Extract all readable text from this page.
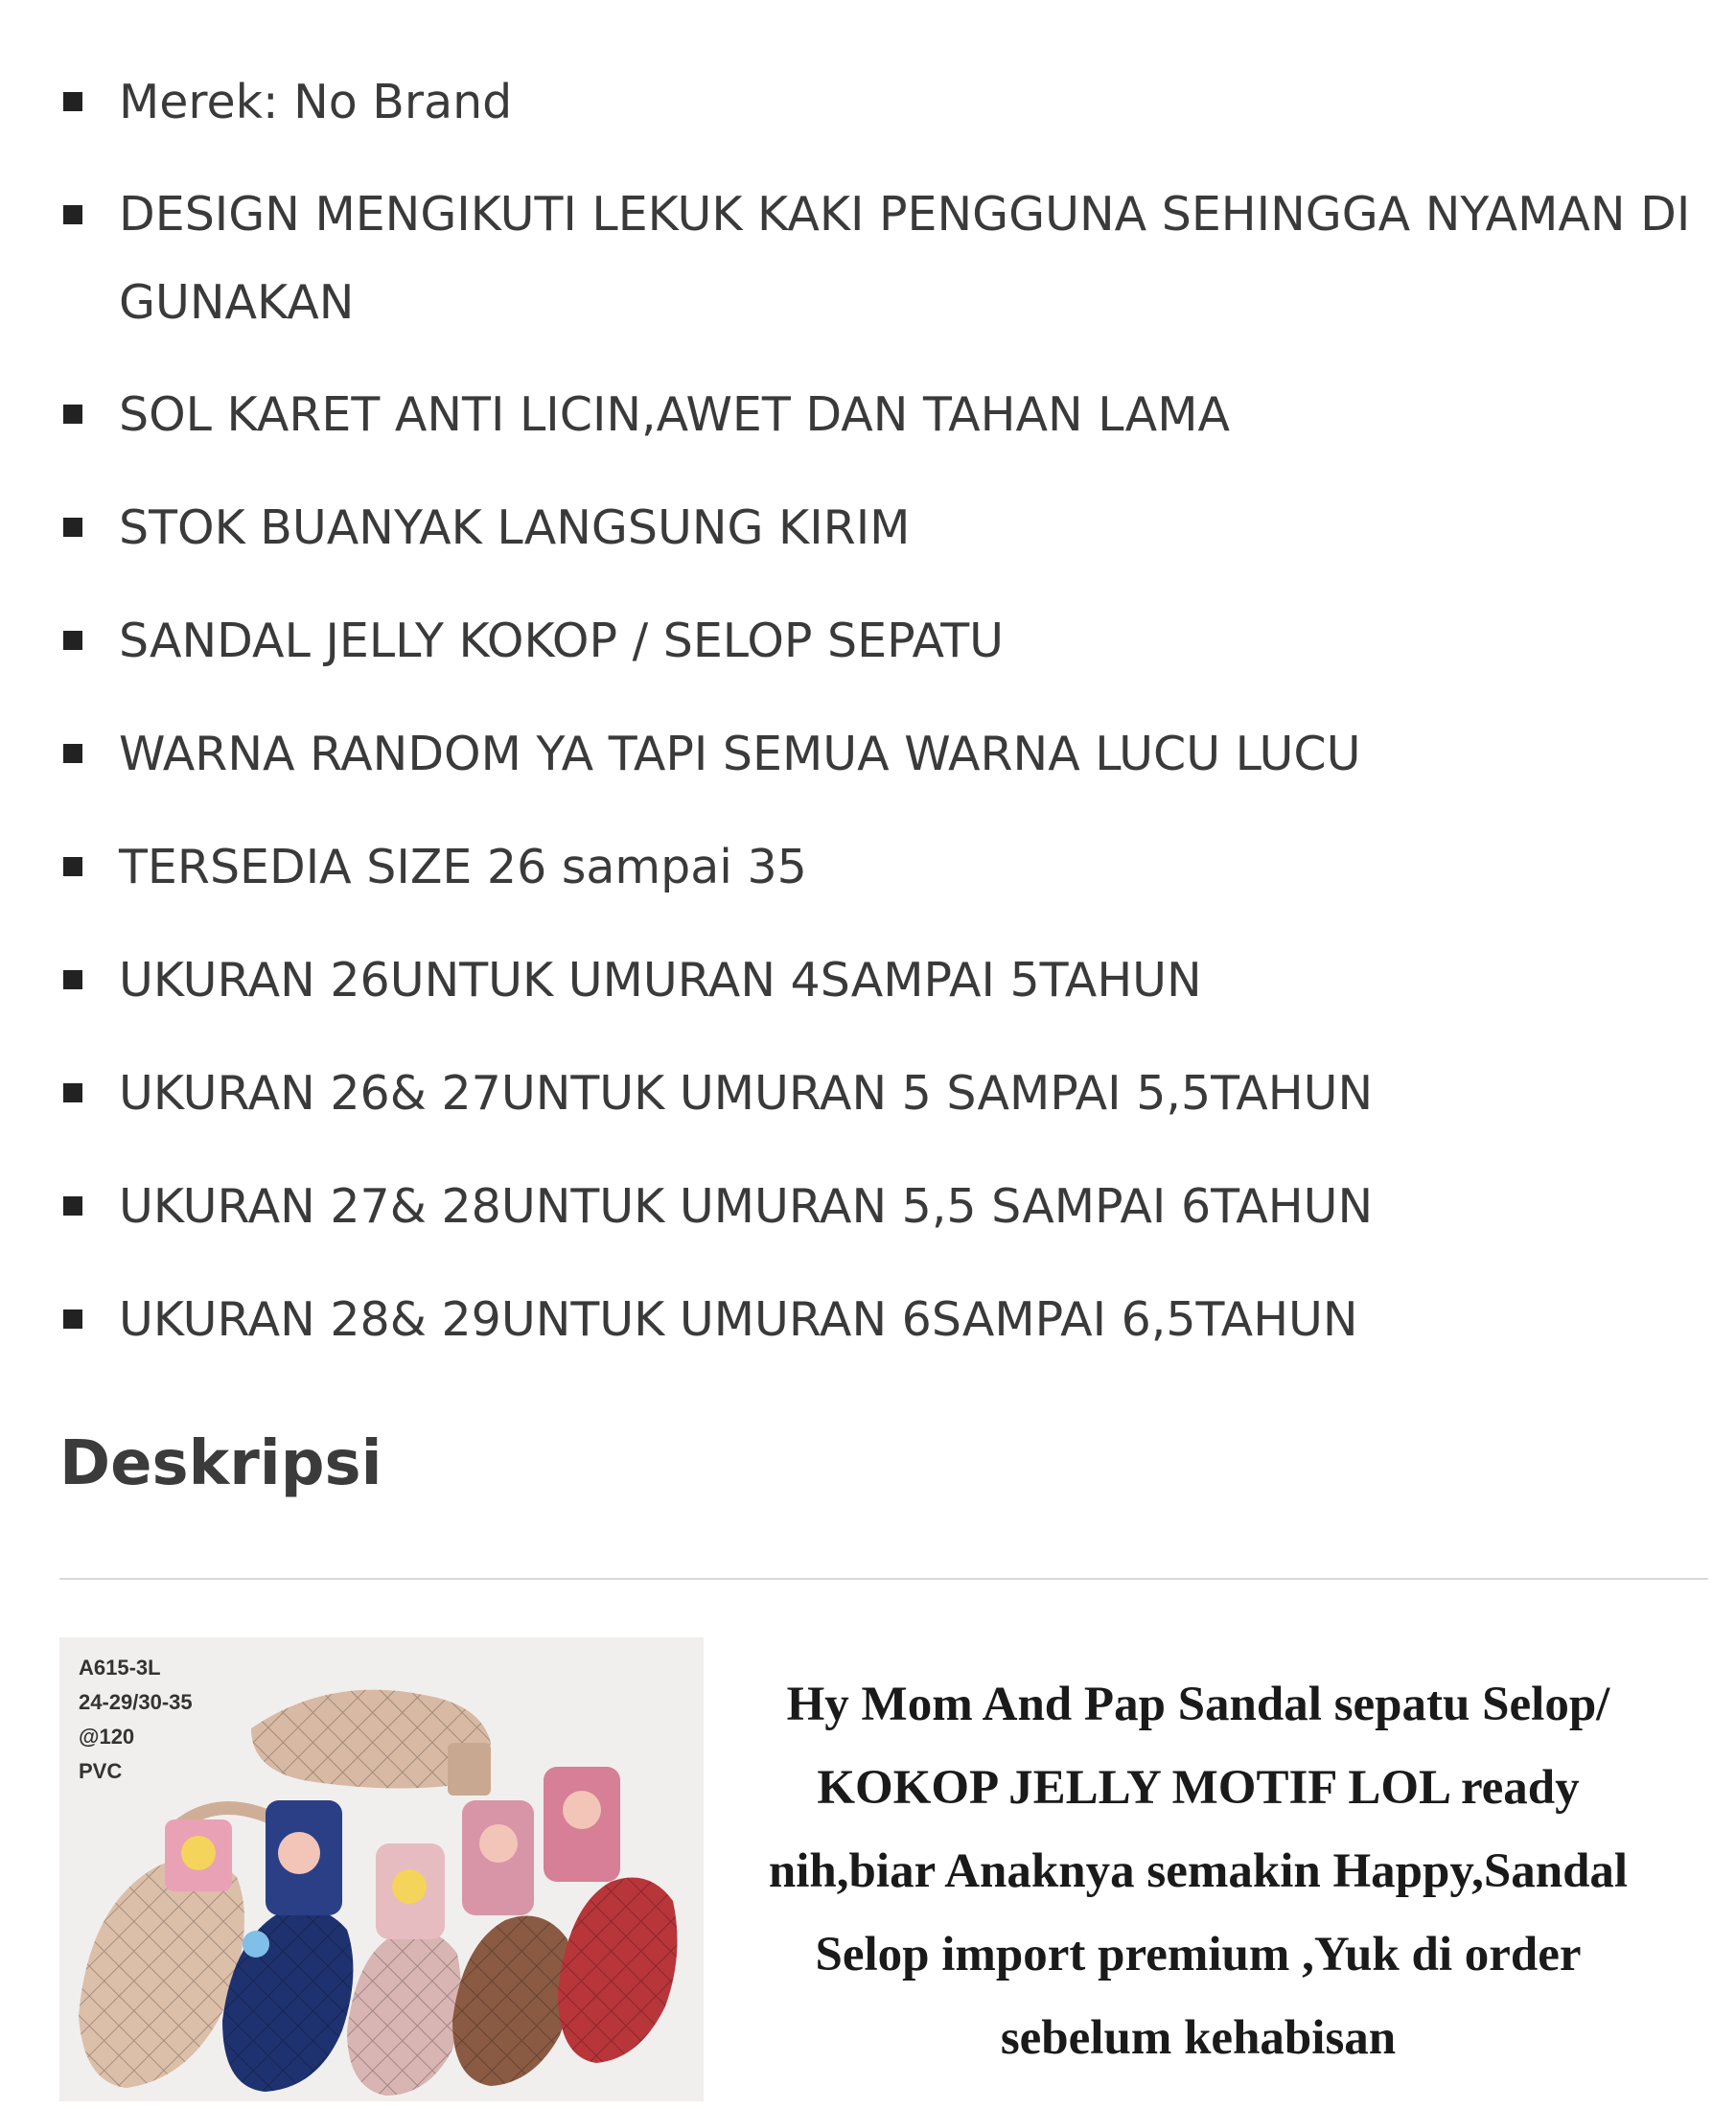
Merek: No Brand
DESIGN MENGIKUTI LEKUK KAKI PENGGUNA SEHINGGA NYAMAN DI GUNAKAN
SOL KARET ANTI LICIN,AWET DAN TAHAN LAMA
STOK BUANYAK LANGSUNG KIRIM
SANDAL JELLY KOKOP / SELOP SEPATU
WARNA RANDOM YA TAPI SEMUA WARNA LUCU LUCU
TERSEDIA SIZE 26 sampai 35
UKURAN 26UNTUK UMURAN 4SAMPAI 5TAHUN
UKURAN 26& 27UNTUK UMURAN 5 SAMPAI 5,5TAHUN
UKURAN 27& 28UNTUK UMURAN 5,5 SAMPAI 6TAHUN
UKURAN 28& 29UNTUK UMURAN 6SAMPAI 6,5TAHUN
Deskripsi
A615-3L
24-29/30-35
@120
PVC

Hy Mom And Pap Sandal sepatu Selop/ KOKOP JELLY MOTIF LOL ready nih,biar Anaknya semakin Happy,Sandal Selop import premium ,Yuk di order sebelum kehabisan
